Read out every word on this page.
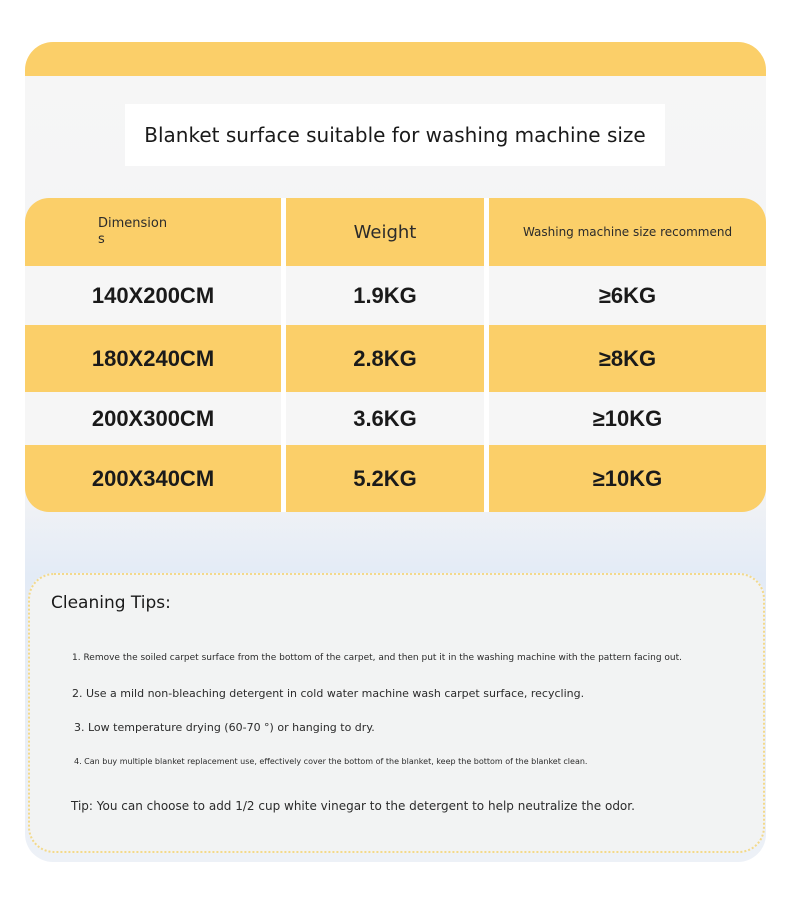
Blanket surface suitable for washing machine size
Dimensions	Weight	Washing machine size recommend
140X200CM	1.9KG	≥6KG
180X240CM	2.8KG	≥8KG
200X300CM	3.6KG	≥10KG
200X340CM	5.2KG	≥10KG
Cleaning Tips:
1. Remove the soiled carpet surface from the bottom of the carpet, and then put it in the washing machine with the pattern facing out.
2. Use a mild non-bleaching detergent in cold water machine wash carpet surface, recycling.
3. Low temperature drying (60-70 °) or hanging to dry.
4. Can buy multiple blanket replacement use, effectively cover the bottom of the blanket, keep the bottom of the blanket clean.
Tip: You can choose to add 1/2 cup white vinegar to the detergent to help neutralize the odor.
